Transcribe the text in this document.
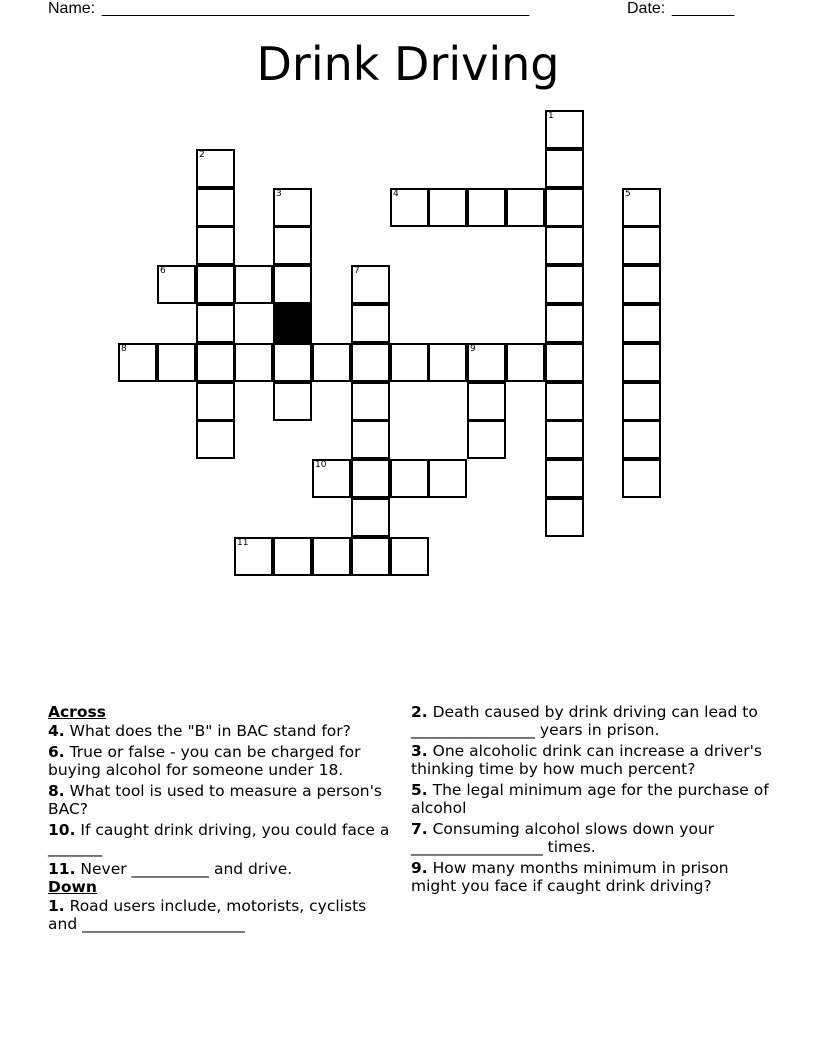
Name: ________________________________________________	Date: _______
Drink Driving
4
6
8	9
10
11
1
2
3	5
7
Across
4. What does the "B" in BAC stand for?
6. True or false - you can be charged for buying alcohol for someone under 18.
8. What tool is used to measure a person's BAC?
10. If caught drink driving, you could face a _______
11. Never __________ and drive.
Down
1. Road users include, motorists, cyclists and _____________________
2. Death caused by drink driving can lead to ________________ years in prison.
3. One alcoholic drink can increase a driver's thinking time by how much percent?
5. The legal minimum age for the purchase of alcohol
7. Consuming alcohol slows down your _________________ times.
9. How many months minimum in prison might you face if caught drink driving?
